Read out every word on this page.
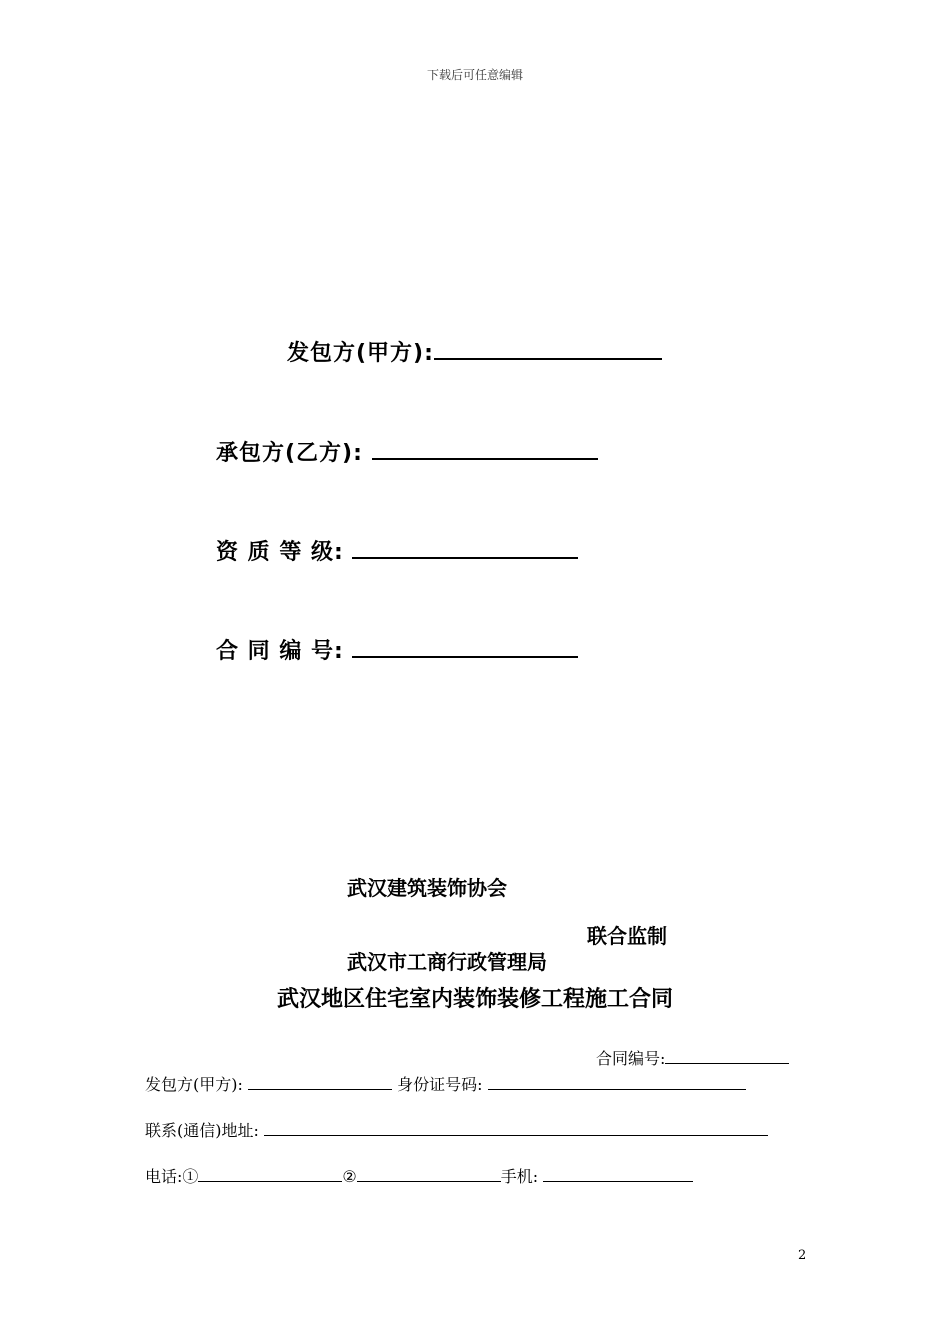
下载后可任意编辑
发包方(甲方):
承包方(乙方):
资 质 等 级:
合 同 编 号:
武汉建筑装饰协会
联合监制
武汉市工商行政管理局
武汉地区住宅室内装饰装修工程施工合同
合同编号:
发包方(甲方):	身份证号码:
联系(通信)地址:
电话:①	②	手机:
2
